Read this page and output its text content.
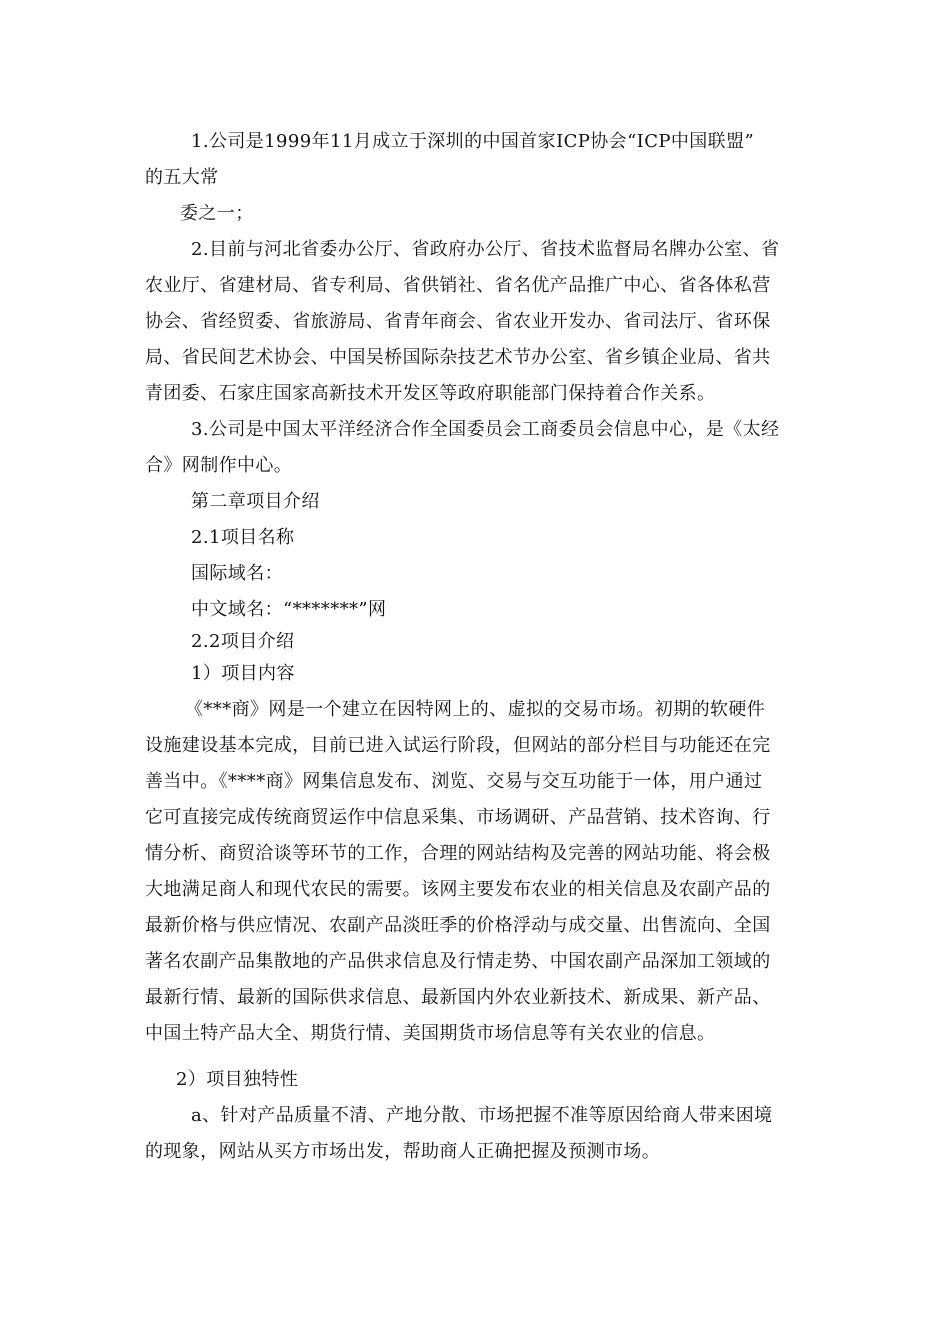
1.公司是1999年11月成立于深圳的中国首家ICP协会“ICP中国联盟”

的五大常

委之一；

2.目前与河北省委办公厅、省政府办公厅、省技术监督局名牌办公室、省

农业厅、省建材局、省专利局、省供销社、省名优产品推广中心、省各体私营

协会、省经贸委、省旅游局、省青年商会、省农业开发办、省司法厅、省环保

局、省民间艺术协会、中国吴桥国际杂技艺术节办公室、省乡镇企业局、省共

青团委、石家庄国家高新技术开发区等政府职能部门保持着合作关系。

3.公司是中国太平洋经济合作全国委员会工商委员会信息中心，是《太经

合》网制作中心。

第二章项目介绍

2.1项目名称

国际域名：

中文域名：“*******”网

2.2项目介绍

1）项目内容

《***商》网是一个建立在因特网上的、虚拟的交易市场。初期的软硬件

设施建设基本完成，目前已进入试运行阶段，但网站的部分栏目与功能还在完

善当中。《****商》网集信息发布、浏览、交易与交互功能于一体，用户通过

它可直接完成传统商贸运作中信息采集、市场调研、产品营销、技术咨询、行

情分析、商贸洽谈等环节的工作，合理的网站结构及完善的网站功能、将会极

大地满足商人和现代农民的需要。该网主要发布农业的相关信息及农副产品的

最新价格与供应情况、农副产品淡旺季的价格浮动与成交量、出售流向、全国

著名农副产品集散地的产品供求信息及行情走势、中国农副产品深加工领域的

最新行情、最新的国际供求信息、最新国内外农业新技术、新成果、新产品、

中国土特产品大全、期货行情、美国期货市场信息等有关农业的信息。

2）项目独特性

a、针对产品质量不清、产地分散、市场把握不准等原因给商人带来困境

的现象，网站从买方市场出发，帮助商人正确把握及预测市场。
